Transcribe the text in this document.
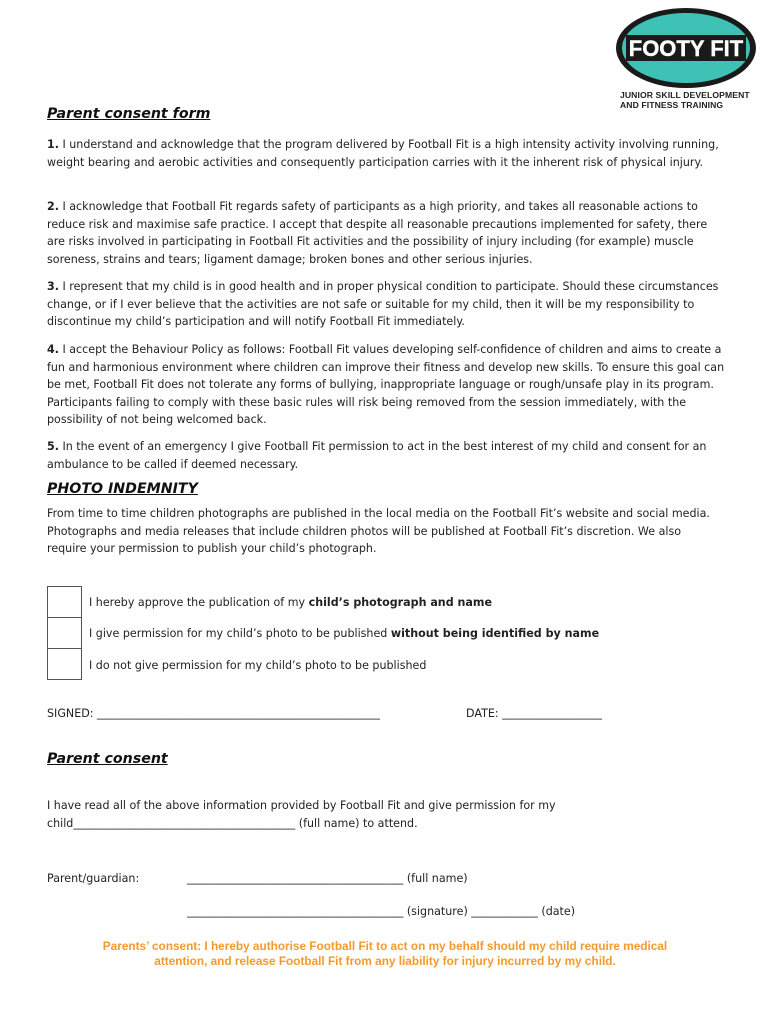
FOOTY FIT
JUNIOR SKILL DEVELOPMENT
AND FITNESS TRAINING
Parent consent form

1. I understand and acknowledge that the program delivered by Football Fit is a high intensity activity involving running, weight bearing and aerobic activities and consequently participation carries with it the inherent risk of physical injury.

2. I acknowledge that Football Fit regards safety of participants as a high priority, and takes all reasonable actions to reduce risk and maximise safe practice. I accept that despite all reasonable precautions implemented for safety, there are risks involved in participating in Football Fit activities and the possibility of injury including (for example) muscle soreness, strains and tears; ligament damage; broken bones and other serious injuries.

3. I represent that my child is in good health and in proper physical condition to participate. Should these circumstances change, or if I ever believe that the activities are not safe or suitable for my child, then it will be my responsibility to discontinue my child’s participation and will notify Football Fit immediately.

4. I accept the Behaviour Policy as follows: Football Fit values developing self-confidence of children and aims to create a fun and harmonious environment where children can improve their fitness and develop new skills. To ensure this goal can be met, Football Fit does not tolerate any forms of bullying, inappropriate language or rough/unsafe play in its program. Participants failing to comply with these basic rules will risk being removed from the session immediately, with the possibility of not being welcomed back.

5. In the event of an emergency I give Football Fit permission to act in the best interest of my child and consent for an ambulance to be called if deemed necessary.

PHOTO INDEMNITY

From time to time children photographs are published in the local media on the Football Fit’s website and social media. Photographs and media releases that include children photos will be published at Football Fit’s discretion. We also require your permission to publish your child’s photograph.

I hereby approve the publication of my child’s photograph and name

I give permission for my child’s photo to be published without being identified by name

I do not give permission for my child’s photo to be published

SIGNED: ___________________________________________________	DATE: __________________

Parent consent

I have read all of the above information provided by Football Fit and give permission for my

child________________________________________ (full name) to attend.

Parent/guardian:	_______________________________________ (full name)

_______________________________________ (signature) ____________ (date)

Parents’ consent: I hereby authorise Football Fit to act on my behalf should my child require medical
attention, and release Football Fit from any liability for injury incurred by my child.
